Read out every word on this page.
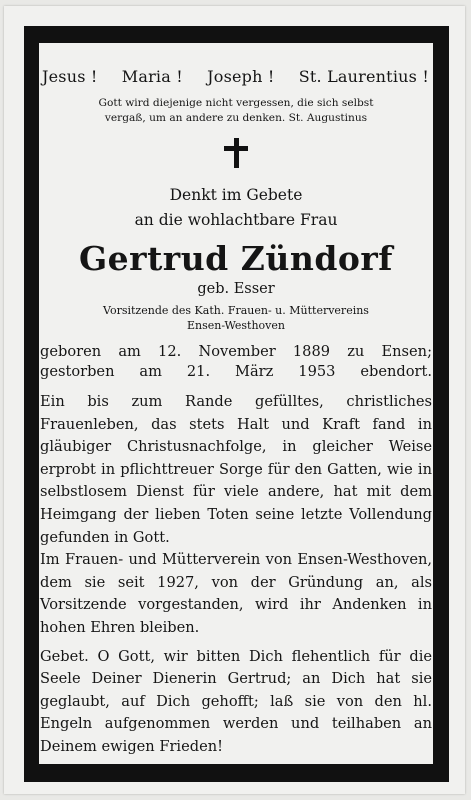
Jesus ! Maria ! Joseph ! St. Laurentius !
Gott wird diejenige nicht vergessen, die sich selbst
vergaß, um an andere zu denken. St. Augustinus
Denkt im Gebete
an die wohlachtbare Frau
Gertrud Zündorf
geb. Esser
Vorsitzende des Kath. Frauen- u. Müttervereins
Ensen-Westhoven
geboren am 12. November 1889 zu Ensen;
gestorben am 21. März 1953 ebendort.
Ein bis zum Rande gefülltes, christliches Frauenleben, das stets Halt und Kraft fand in gläubiger Christusnachfolge, in gleicher Weise erprobt in pflichttreuer Sorge für den Gatten, wie in selbstlosem Dienst für viele andere, hat mit dem Heimgang der lieben Toten seine letzte Vollendung gefunden in Gott.
Im Frauen- und Mütterverein von Ensen-Westhoven, dem sie seit 1927, von der Gründung an, als Vorsitzende vorgestanden, wird ihr Andenken in hohen Ehren bleiben.
Gebet. O Gott, wir bitten Dich flehentlich für die Seele Deiner Dienerin Gertrud; an Dich hat sie geglaubt, auf Dich gehofft; laß sie von den hl. Engeln aufgenommen werden und teilhaben an Deinem ewigen Frieden!
